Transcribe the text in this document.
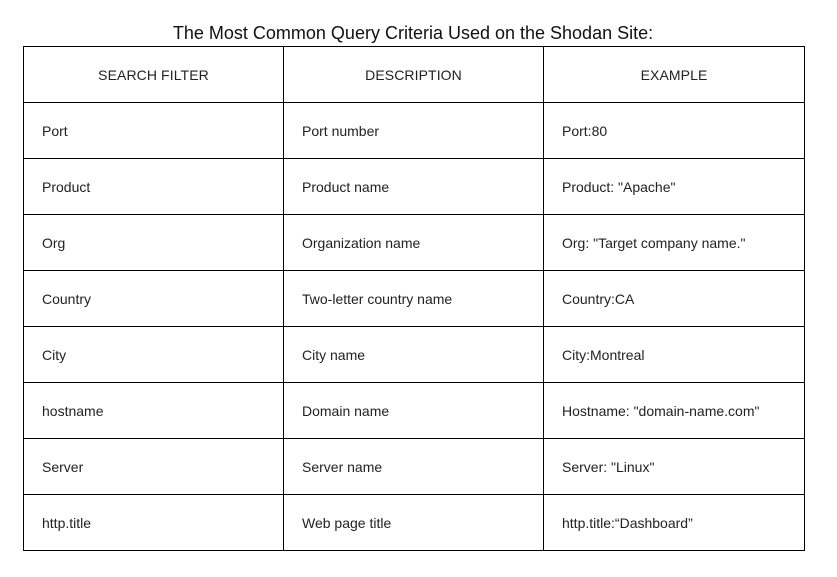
The Most Common Query Criteria Used on the Shodan Site:
SEARCH FILTER	DESCRIPTION	EXAMPLE
Port	Port number	Port:80
Product	Product name	Product: "Apache"
Org	Organization name	Org: "Target company name."
Country	Two-letter country name	Country:CA
City	City name	City:Montreal
hostname	Domain name	Hostname: "domain-name.com"
Server	Server name	Server: "Linux"
http.title	Web page title	http.title:“Dashboard”
